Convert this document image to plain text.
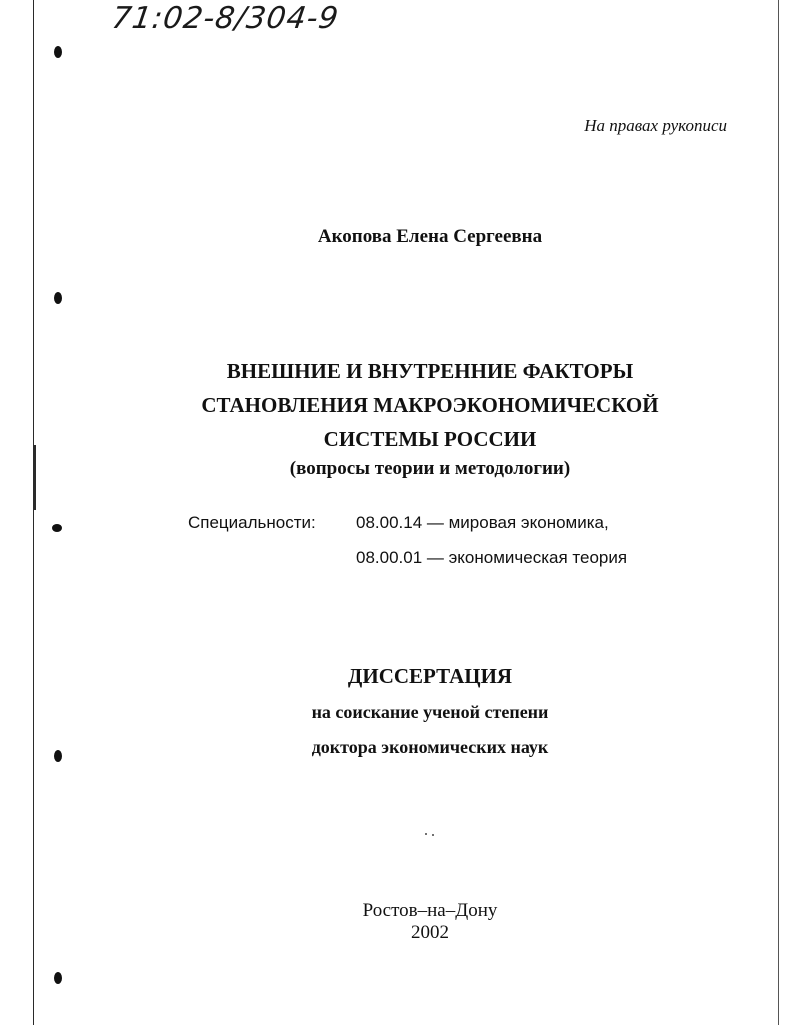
71:02-8/304-9
На правах рукописи
Акопова Елена Сергеевна
ВНЕШНИЕ И ВНУТРЕННИЕ ФАКТОРЫ
СТАНОВЛЕНИЯ МАКРОЭКОНОМИЧЕСКОЙ
СИСТЕМЫ РОССИИ
(вопросы теории и методологии)
Специальности: 08.00.14 — мировая экономика,
08.00.01 — экономическая теория
ДИССЕРТАЦИЯ
на соискание ученой степени
доктора экономических наук
Ростов–на–Дону
2002
